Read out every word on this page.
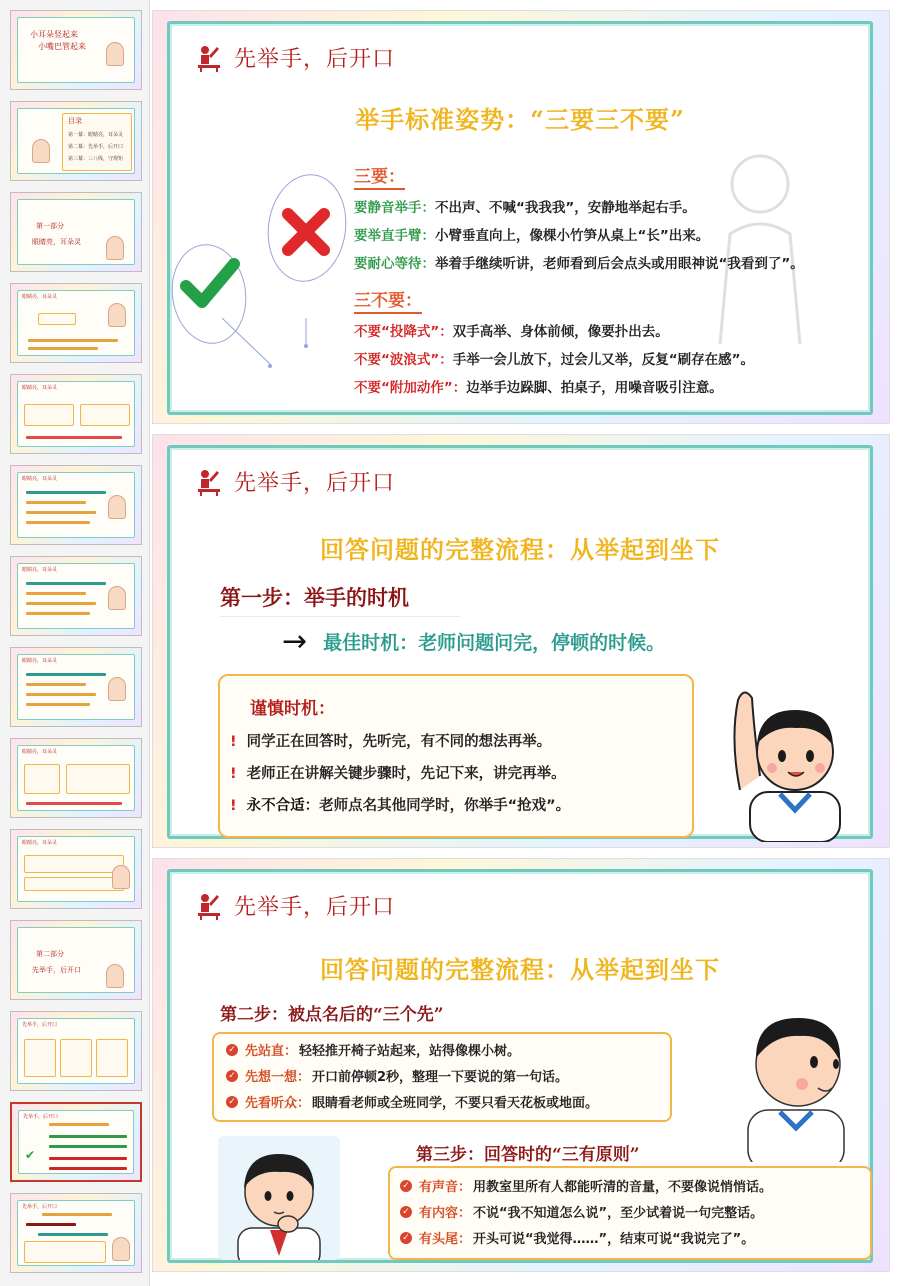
小耳朵竖起来
小嘴巴管起来
目录
第一幕：眼睛亮，耳朵灵
第二幕：先举手，后开口
第三幕：三八线，守规矩
第一部分
眼睛亮，耳朵灵
眼睛亮，耳朵灵
眼睛亮，耳朵灵
眼睛亮，耳朵灵
眼睛亮，耳朵灵
眼睛亮，耳朵灵
眼睛亮，耳朵灵
眼睛亮，耳朵灵
第二部分
先举手，后开口
先举手，后开口
先举手，后开口
✔
先举手，后开口
先举手，后开口
举手标准姿势：“三要三不要”
三要：
要静音举手：不出声、不喊“我我我”，安静地举起右手。
要举直手臂：小臂垂直向上，像棵小竹笋从桌上“长”出来。
要耐心等待：举着手继续听讲，老师看到后会点头或用眼神说“我看到了”。
三不要：
不要“投降式”：双手高举、身体前倾，像要扑出去。
不要“波浪式”：手举一会儿放下，过会儿又举，反复“刷存在感”。
不要“附加动作”：边举手边跺脚、拍桌子，用噪音吸引注意。
先举手，后开口
回答问题的完整流程：从举起到坐下
第一步：举手的时机
→ 最佳时机：老师问题问完，停顿的时候。
谨慎时机：
! 同学正在回答时，先听完，有不同的想法再举。
! 老师正在讲解关键步骤时，先记下来，讲完再举。
! 永不合适：老师点名其他同学时，你举手“抢戏”。
先举手，后开口
回答问题的完整流程：从举起到坐下
第二步：被点名后的“三个先”
✓ 先站直： 轻轻推开椅子站起来，站得像棵小树。
✓ 先想一想： 开口前停顿2秒，整理一下要说的第一句话。
✓ 先看听众： 眼睛看老师或全班同学，不要只看天花板或地面。
第三步：回答时的“三有原则”
✓ 有声音： 用教室里所有人都能听清的音量，不要像说悄悄话。
✓ 有内容： 不说“我不知道怎么说”，至少试着说一句完整话。
✓ 有头尾： 开头可说“我觉得……”，结束可说“我说完了”。
